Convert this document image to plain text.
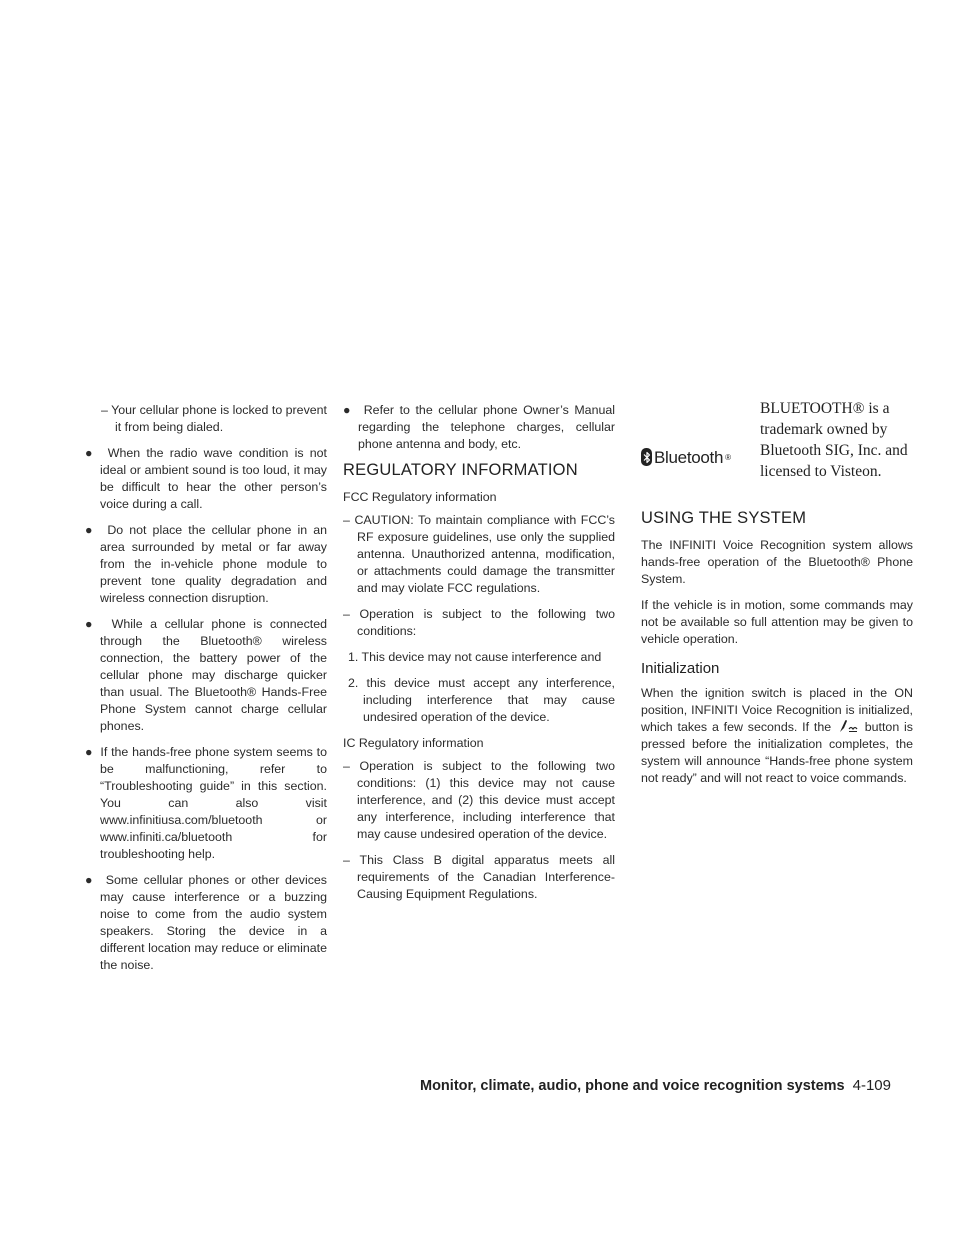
– Your cellular phone is locked to prevent it from being dialed.

●  When the radio wave condition is not ideal or ambient sound is too loud, it may be difficult to hear the other person’s voice during a call.

●  Do not place the cellular phone in an area surrounded by metal or far away from the in-vehicle phone module to prevent tone quality degradation and wireless connection disruption.

●  While a cellular phone is connected through the Bluetooth® wireless connection, the battery power of the cellular phone may discharge quicker than usual. The Bluetooth® Hands-Free Phone System cannot charge cellular phones.

●  If the hands-free phone system seems to be malfunctioning, refer to “Troubleshooting guide” in this section. You can also visit www.infinitiusa.com/bluetooth or www.infiniti.ca/bluetooth for troubleshooting help.

●  Some cellular phones or other devices may cause interference or a buzzing noise to come from the audio system speakers. Storing the device in a different location may reduce or eliminate the noise.

●  Refer to the cellular phone Owner’s Manual regarding the telephone charges, cellular phone antenna and body, etc.

REGULATORY INFORMATION

FCC Regulatory information

– CAUTION: To maintain compliance with FCC’s RF exposure guidelines, use only the supplied antenna. Unauthorized antenna, modification, or attachments could damage the transmitter and may violate FCC regulations.

– Operation is subject to the following two conditions:

1. This device may not cause interference and

2. this device must accept any interference, including interference that may cause undesired operation of the device.

IC Regulatory information

– Operation is subject to the following two conditions: (1) this device may not cause interference, and (2) this device must accept any interference, including interference that may cause undesired operation of the device.

– This Class B digital apparatus meets all requirements of the Canadian Interference-Causing Equipment Regulations.

Bluetooth ®
BLUETOOTH® is a trademark owned by Bluetooth SIG, Inc. and licensed to Visteon.
USING THE SYSTEM

The INFINITI Voice Recognition system allows hands-free operation of the Bluetooth® Phone System.

If the vehicle is in motion, some commands may not be available so full attention may be given to vehicle operation.

Initialization

When the ignition switch is placed in the ON position, INFINITI Voice Recognition is initialized, which takes a few seconds. If the	button is pressed before the initialization completes, the system will announce “Hands-free phone system not ready” and will not react to voice commands.

Monitor, climate, audio, phone and voice recognition systems 4-109
